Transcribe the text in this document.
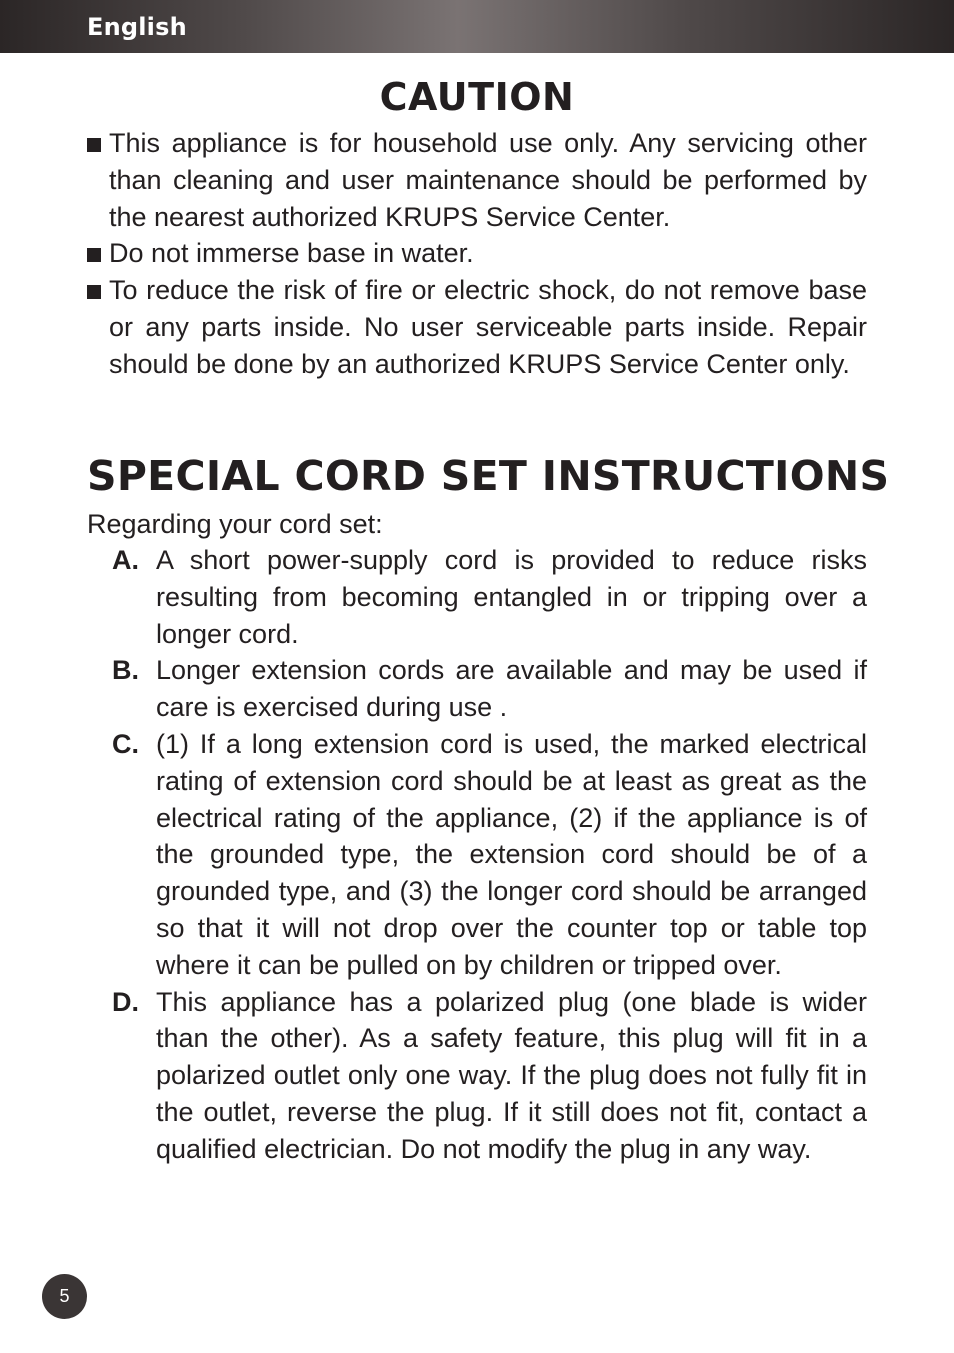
English
CAUTION
This appliance is for household use only. Any servicing other than cleaning and user maintenance should be performed by the nearest authorized KRUPS Service Center.
Do not immerse base in water.
To reduce the risk of fire or electric shock, do not remove base or any parts inside. No user serviceable parts inside. Repair should be done by an authorized KRUPS Service Center only.
SPECIAL CORD SET INSTRUCTIONS

Regarding your cord set:

A. A short power-supply cord is provided to reduce risks resulting from becoming entangled in or tripping over a longer cord.
B. Longer extension cords are available and may be used if care is exercised during use .
C. (1) If a long extension cord is used, the marked electrical rating of extension cord should be at least as great as the electrical rating of the appliance, (2) if the appliance is of the grounded type, the extension cord should be of a grounded type, and (3) the longer cord should be arranged so that it will not drop over the counter top or table top where it can be pulled on by children or tripped over.
D. This appliance has a polarized plug (one blade is wider than the other). As a safety feature, this plug will fit in a polarized outlet only one way. If the plug does not fully fit in the outlet, reverse the plug. If it still does not fit, contact a qualified electrician. Do not modify the plug in any way.
5
